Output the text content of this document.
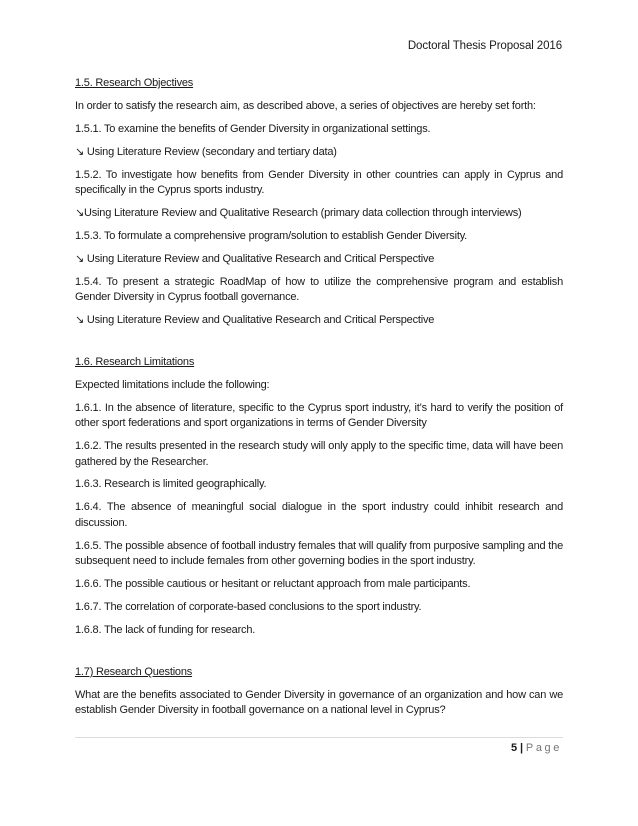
Doctoral Thesis Proposal 2016

1.5. Research Objectives

In order to satisfy the research aim, as described above, a series of objectives are hereby set forth:

1.5.1. To examine the benefits of Gender Diversity in organizational settings.

↘ Using Literature Review (secondary and tertiary data)

1.5.2. To investigate how benefits from Gender Diversity in other countries can apply in Cyprus and specifically in the Cyprus sports industry.

↘Using Literature Review and Qualitative Research (primary data collection through interviews)

1.5.3. To formulate a comprehensive program/solution to establish Gender Diversity.

↘ Using Literature Review and Qualitative Research and Critical Perspective

1.5.4. To present a strategic RoadMap of how to utilize the comprehensive program and establish Gender Diversity in Cyprus football governance.

↘ Using Literature Review and Qualitative Research and Critical Perspective

1.6. Research Limitations

Expected limitations include the following:

1.6.1. In the absence of literature, specific to the Cyprus sport industry, it’s hard to verify the position of other sport federations and sport organizations in terms of Gender Diversity

1.6.2. The results presented in the research study will only apply to the specific time, data will have been gathered by the Researcher.

1.6.3. Research is limited geographically.

1.6.4. The absence of meaningful social dialogue in the sport industry could inhibit research and discussion.

1.6.5. The possible absence of football industry females that will qualify from purposive sampling and the subsequent need to include females from other governing bodies in the sport industry.

1.6.6. The possible cautious or hesitant or reluctant approach from male participants.

1.6.7. The correlation of corporate-based conclusions to the sport industry.

1.6.8. The lack of funding for research.

1.7) Research Questions

What are the benefits associated to Gender Diversity in governance of an organization and how can we establish Gender Diversity in football governance on a national level in Cyprus?

5 | Page
